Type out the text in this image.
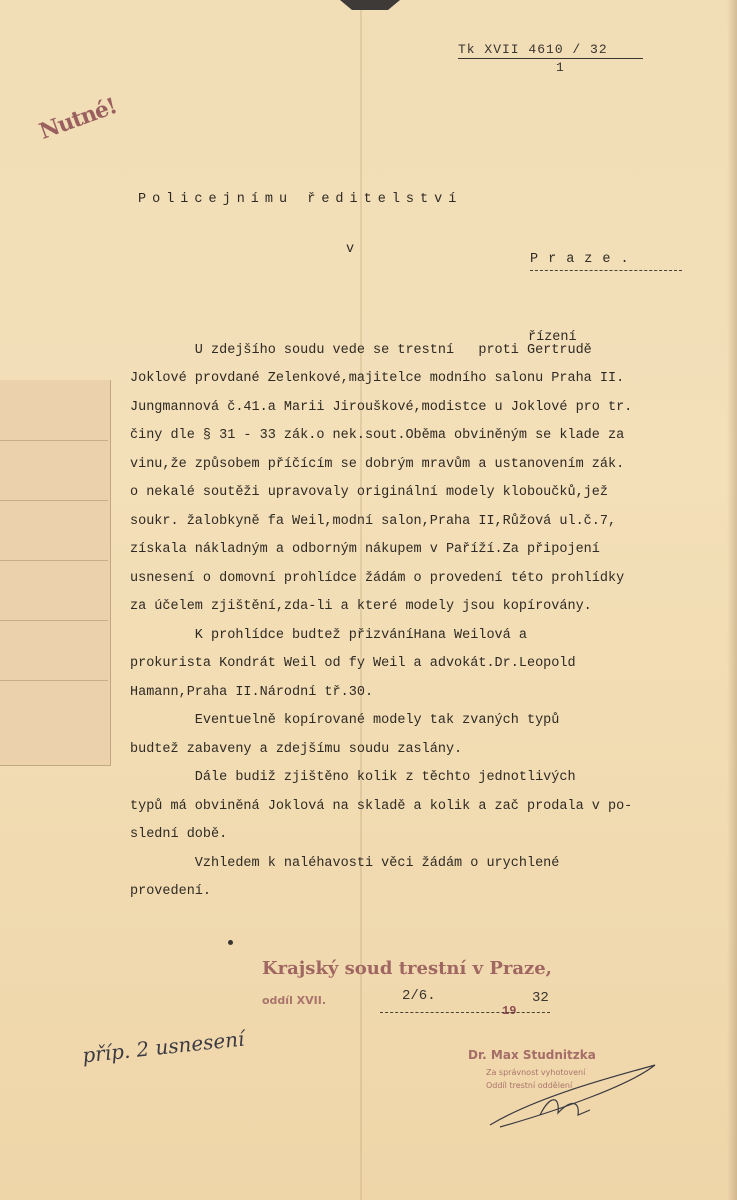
Tk XVII 4610 / 32
1
Nutné!
Policejnímu ředitelství
v
Praze.
řízení
U zdejšího soudu vede se trestní   proti Gertrudě
Joklové provdané Zelenkové,majitelce modního salonu Praha II.
Jungmannová č.41.a Marii Jirouškové,modistce u Joklové pro tr.
činy dle § 31 - 33 zák.o nek.sout.Oběma obviněným se klade za
vinu,že způsobem příčícím se dobrým mravům a ustanovením zák.
o nekalé soutěži upravovaly originální modely kloboučků,jež
soukr. žalobkyně fa Weil,modní salon,Praha II,Růžová ul.č.7,
získala nákladným a odborným nákupem v Paříží.Za připojení
usnesení o domovní prohlídce žádám o provedení této prohlídky
za účelem zjištění,zda-li a které modely jsou kopírovány.
K prohlídce budtež přizváníHana Weilová a
prokurista Kondrát Weil od fy Weil a advokát.Dr.Leopold
Hamann,Praha II.Národní tř.30.
Eventuelně kopírované modely tak zvaných typů
budtež zabaveny a zdejšímu soudu zaslány.
Dále budiž zjištěno kolik z těchto jednotlivých
typů má obviněná Joklová na skladě a kolik a zač prodala v po-
slední době.
Vzhledem k naléhavosti věci žádám o urychlené
provedení.
Krajský soud trestní v Praze,
oddíl XVII.	2/6.	32
19
příp. 2 usnesení	Dr. Max Studnitzka
Za správnost vyhotovení
Oddíl trestní oddělení
